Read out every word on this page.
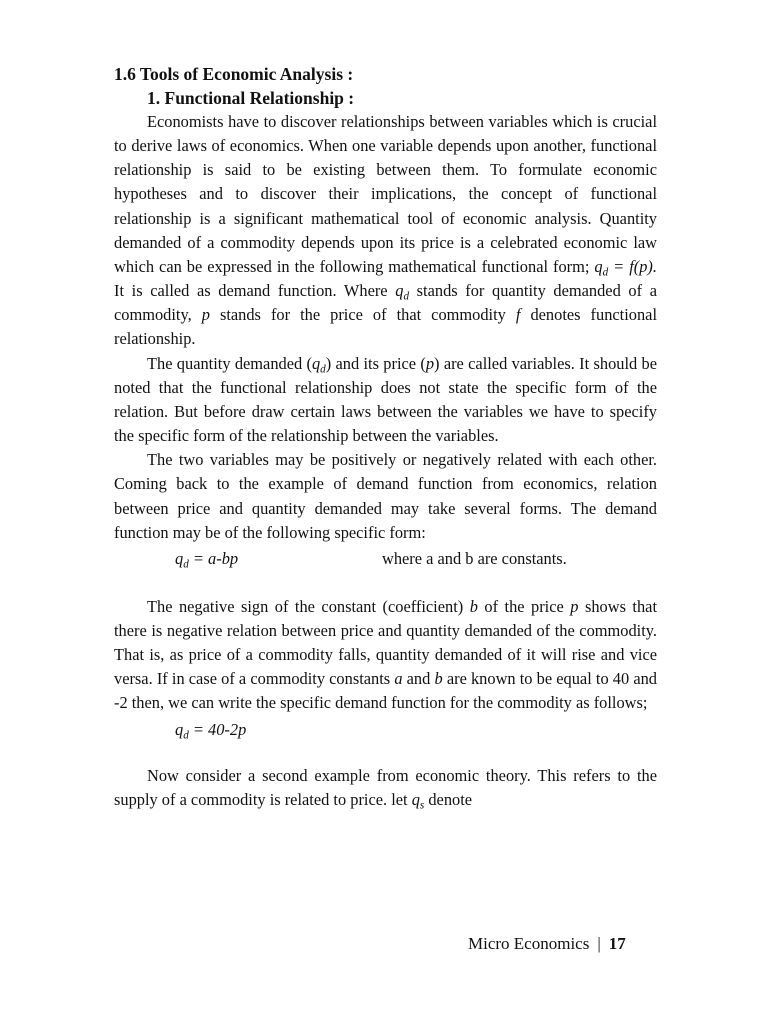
1.6 Tools of Economic Analysis :
1. Functional Relationship :

Economists have to discover relationships between variables which is crucial to derive laws of economics. When one variable depends upon another, functional relationship is said to be existing between them. To formulate economic hypotheses and to discover their implications, the concept of functional relationship is a significant mathematical tool of economic analysis. Quantity demanded of a commodity depends upon its price is a celebrated economic law which can be expressed in the following mathematical functional form; $q_d = f(p)$. It is called as demand function. Where $q_d$ stands for quantity demanded of a commodity, p stands for the price of that commodity f denotes functional relationship.

The quantity demanded $(q_d)$ and its price (p) are called variables. It should be noted that the functional relationship does not state the specific form of the relation. But before draw certain laws between the variables we have to specify the specific form of the relationship between the variables.

The two variables may be positively or negatively related with each other. Coming back to the example of demand function from economics, relation between price and quantity demanded may take several forms. The demand function may be of the following specific form:

$q_d = a-bp$	where a and b are constants.

The negative sign of the constant (coefficient) b of the price p shows that there is negative relation between price and quantity demanded of the commodity. That is, as price of a commodity falls, quantity demanded of it will rise and vice versa. If in case of a commodity constants a and b are known to be equal to 40 and -2 then, we can write the specific demand function for the commodity as follows;

$q_d = 40-2p$

Now consider a second example from economic theory. This refers to the supply of a commodity is related to price. let $q_s$ denote

Micro Economics | 17
